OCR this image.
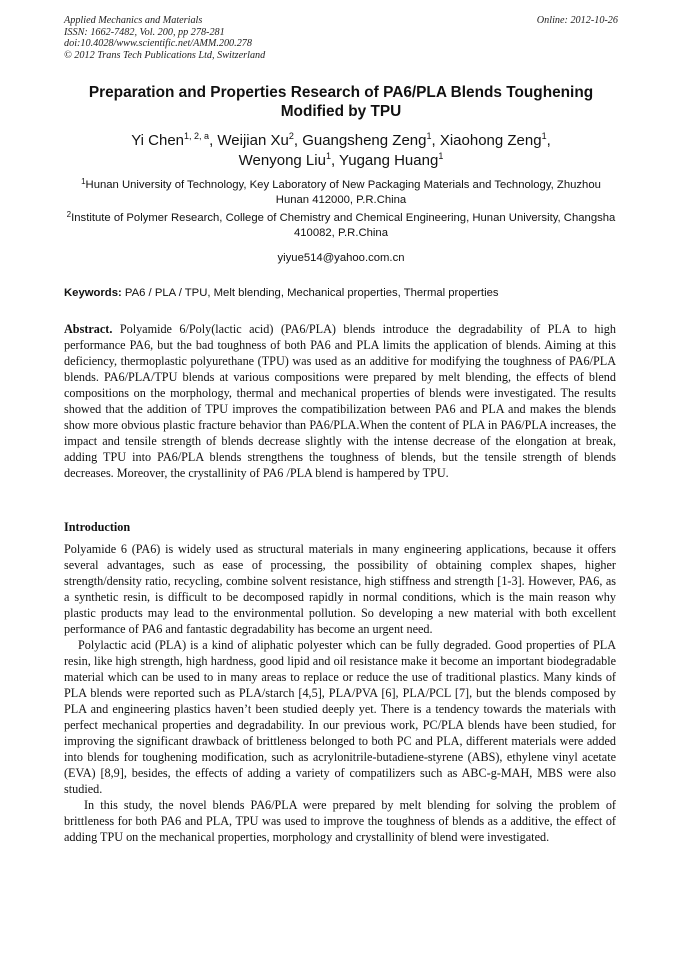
Applied Mechanics and Materials
ISSN: 1662-7482, Vol. 200, pp 278-281
doi:10.4028/www.scientific.net/AMM.200.278
© 2012 Trans Tech Publications Ltd, Switzerland
Online: 2012-10-26
Preparation and Properties Research of PA6/PLA Blends Toughening Modified by TPU
Yi Chen$^{1, 2, a}$, Weijian Xu$^2$, Guangsheng Zeng$^1$, Xiaohong Zeng$^1$,
Wenyong Liu$^1$, Yugang Huang$^1$
$^1$Hunan University of Technology, Key Laboratory of New Packaging Materials and Technology, Zhuzhou Hunan 412000, P.R.China
$^2$Institute of Polymer Research, College of Chemistry and Chemical Engineering, Hunan University, Changsha 410082, P.R.China
yiyue514@yahoo.com.cn
Keywords: PA6 / PLA / TPU, Melt blending, Mechanical properties, Thermal properties
Abstract. Polyamide 6/Poly(lactic acid) (PA6/PLA) blends introduce the degradability of PLA to high performance PA6, but the bad toughness of both PA6 and PLA limits the application of blends. Aiming at this deficiency, thermoplastic polyurethane (TPU) was used as an additive for modifying the toughness of PA6/PLA blends. PA6/PLA/TPU blends at various compositions were prepared by melt blending, the effects of blend compositions on the morphology, thermal and mechanical properties of blends were investigated. The results showed that the addition of TPU improves the compatibilization between PA6 and PLA and makes the blends show more obvious plastic fracture behavior than PA6/PLA.When the content of PLA in PA6/PLA increases, the impact and tensile strength of blends decrease slightly with the intense decrease of the elongation at break, adding TPU into PA6/PLA blends strengthens the toughness of blends, but the tensile strength of blends decreases. Moreover, the crystallinity of PA6 /PLA blend is hampered by TPU.
Introduction

Polyamide 6 (PA6) is widely used as structural materials in many engineering applications, because it offers several advantages, such as ease of processing, the possibility of obtaining complex shapes, higher strength/density ratio, recycling, combine solvent resistance, high stiffness and strength [1-3]. However, PA6, as a synthetic resin, is difficult to be decomposed rapidly in normal conditions, which is the main reason why plastic products may lead to the environmental pollution. So developing a new material with both excellent performance of PA6 and fantastic degradability has become an urgent need.

Polylactic acid (PLA) is a kind of aliphatic polyester which can be fully degraded. Good properties of PLA resin, like high strength, high hardness, good lipid and oil resistance make it become an important biodegradable material which can be used to in many areas to replace or reduce the use of traditional plastics. Many kinds of PLA blends were reported such as PLA/starch [4,5], PLA/PVA [6], PLA/PCL [7], but the blends composed by PLA and engineering plastics haven’t been studied deeply yet. There is a tendency towards the materials with perfect mechanical properties and degradability. In our previous work, PC/PLA blends have been studied, for improving the significant drawback of brittleness belonged to both PC and PLA, different materials were added into blends for toughening modification, such as acrylonitrile-butadiene-styrene (ABS), ethylene vinyl acetate (EVA) [8,9], besides, the effects of adding a variety of compatilizers such as ABC-g-MAH, MBS were also studied.

In this study, the novel blends PA6/PLA were prepared by melt blending for solving the problem of brittleness for both PA6 and PLA, TPU was used to improve the toughness of blends as a additive, the effect of adding TPU on the mechanical properties, morphology and crystallinity of blend were investigated.
